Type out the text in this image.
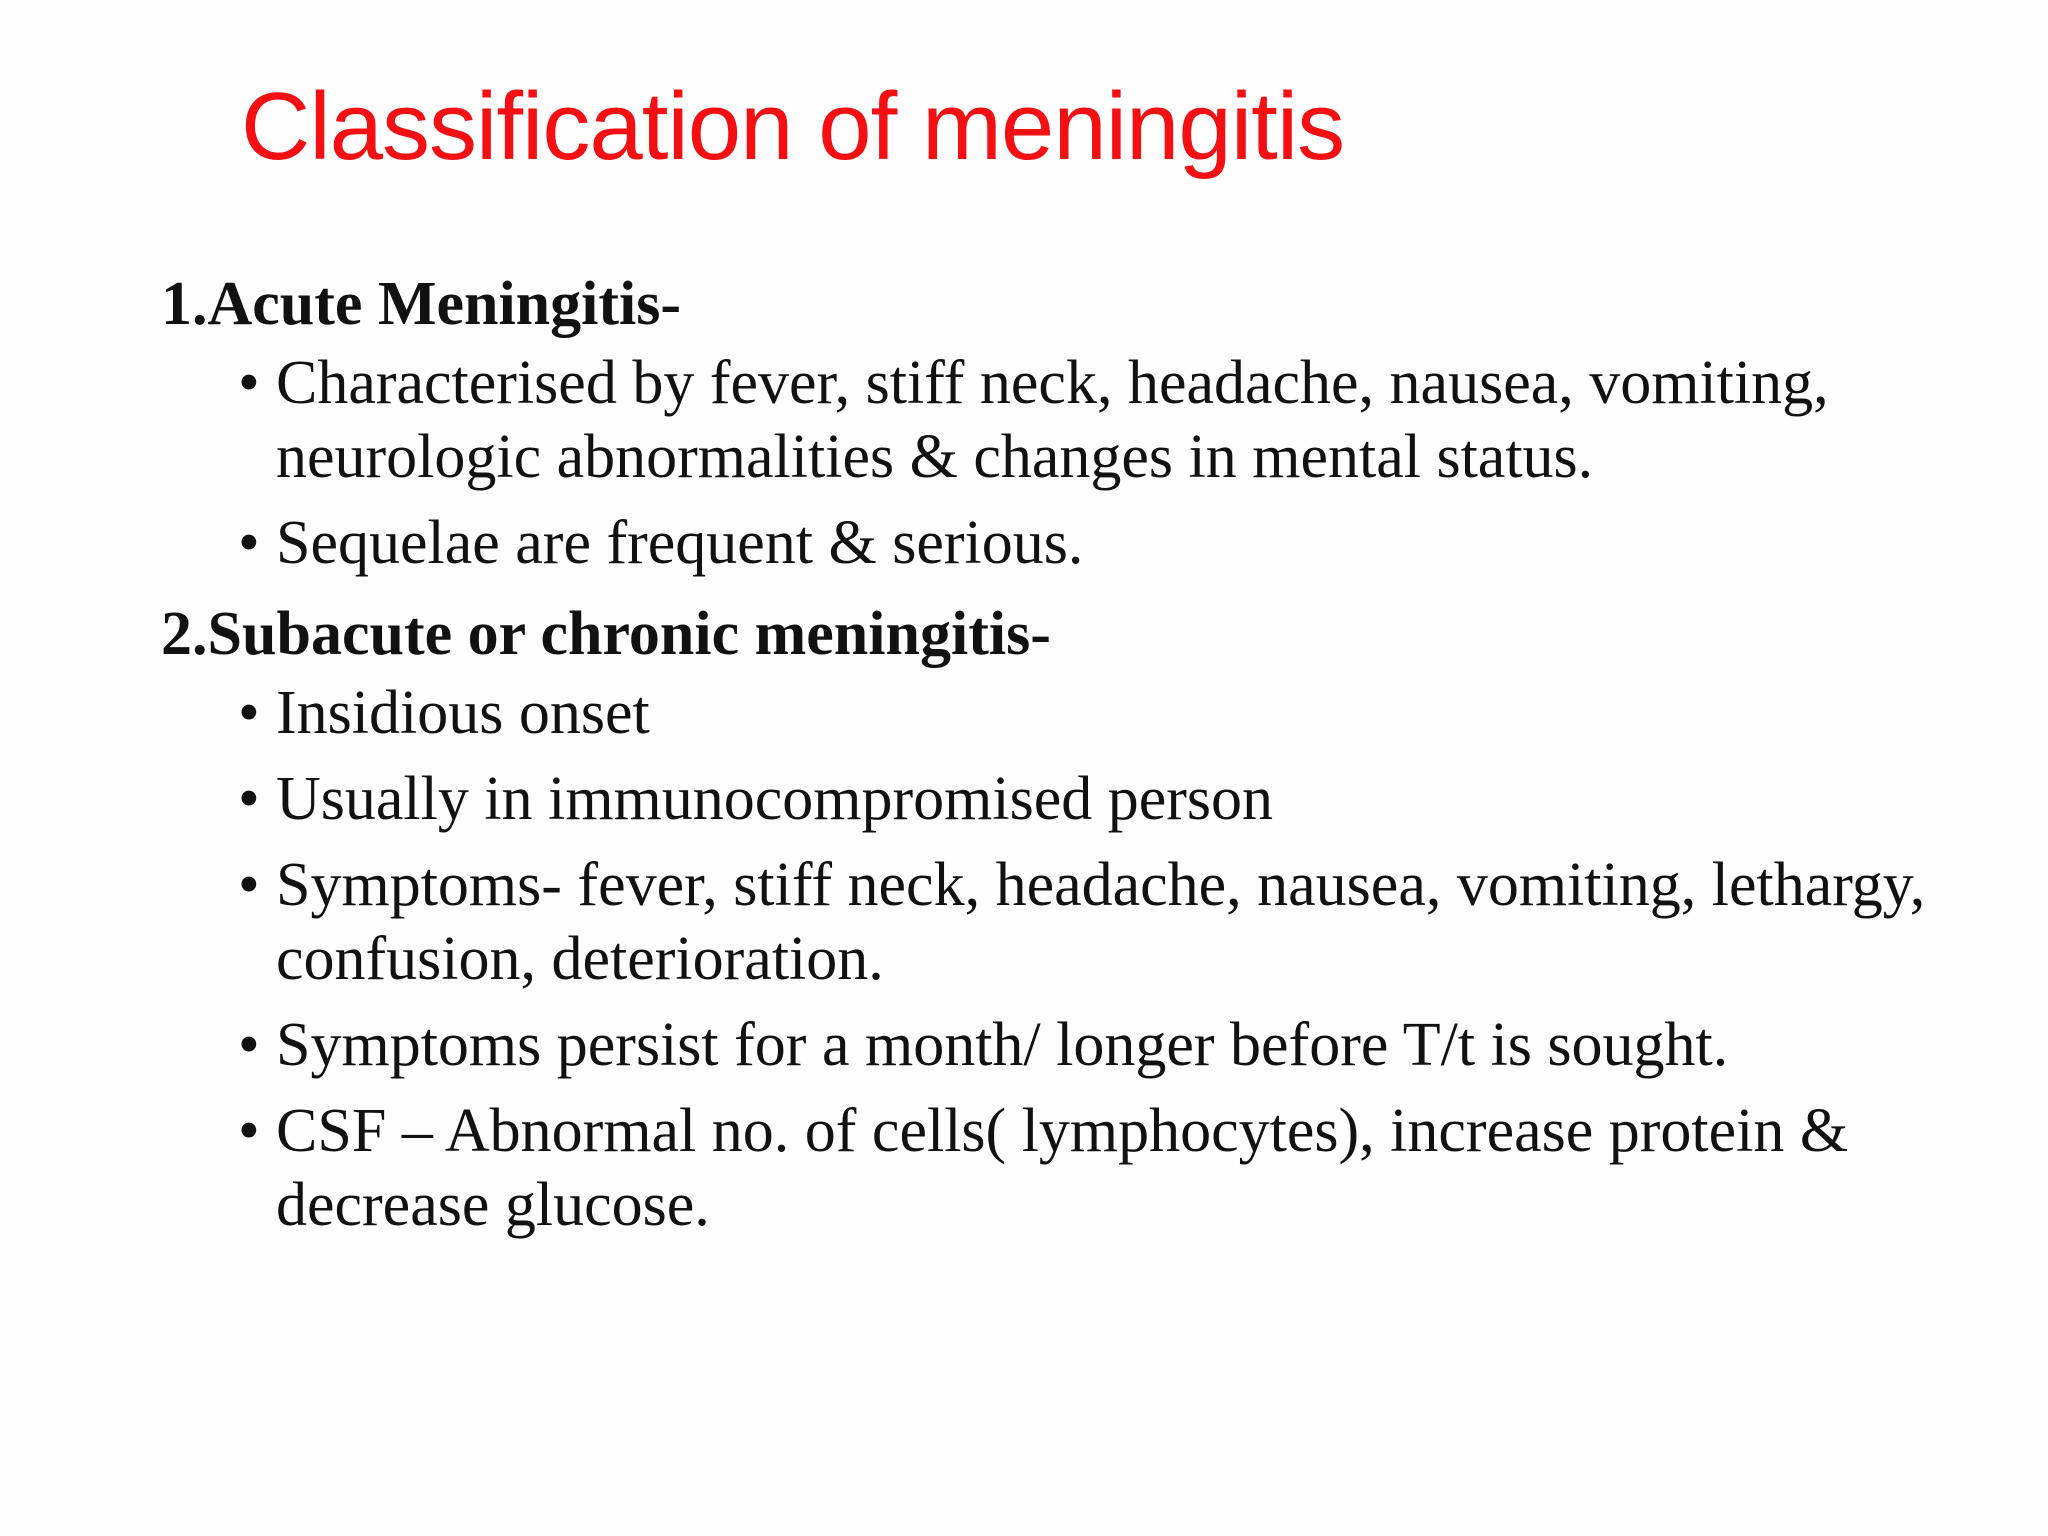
Classification of meningitis

1.Acute Meningitis-

• Characterised by fever, stiff neck, headache, nausea, vomiting, neurologic abnormalities & changes in mental status.
• Sequelae are frequent & serious.

2.Subacute or chronic meningitis-

• Insidious onset
• Usually in immunocompromised person
• Symptoms- fever, stiff neck, headache, nausea, vomiting, lethargy, confusion, deterioration.
• Symptoms persist for a month/ longer before T/t is sought.
• CSF – Abnormal no. of cells( lymphocytes), increase protein & decrease glucose.
